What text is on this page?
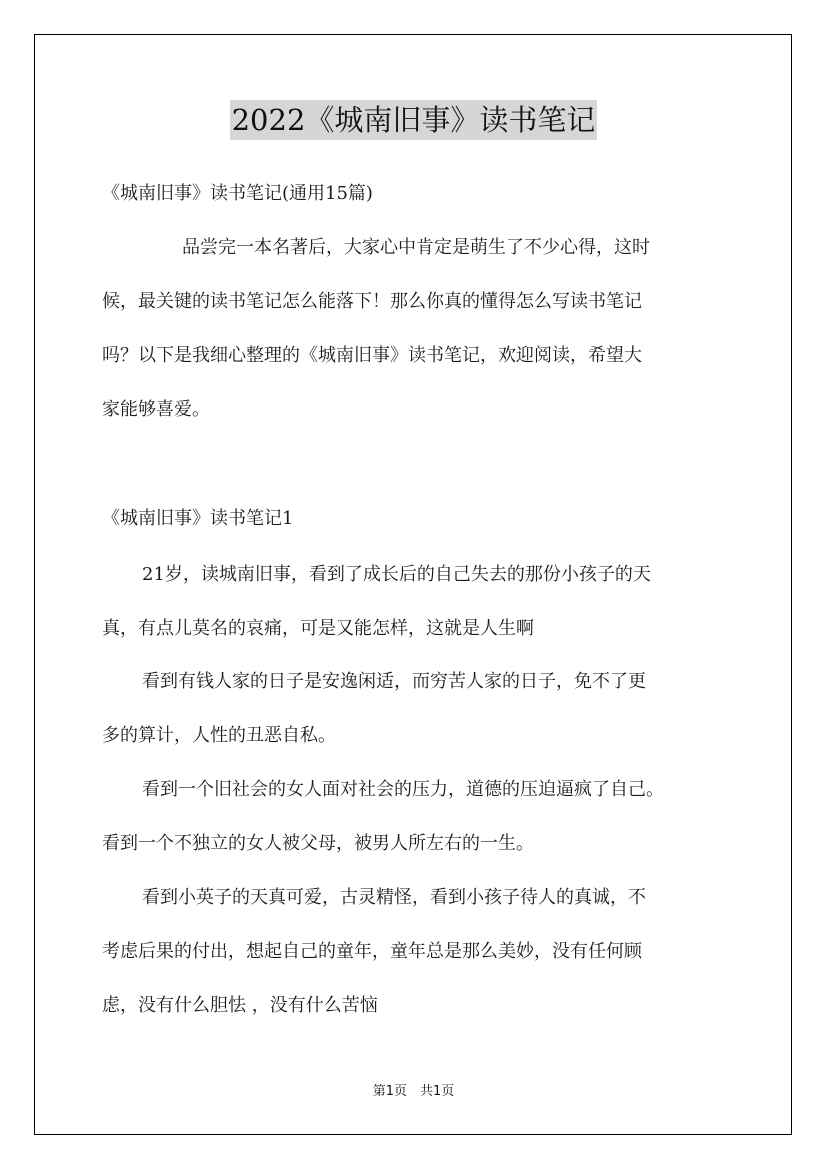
2022《城南旧事》读书笔记
《城南旧事》读书笔记(通用15篇)
品尝完一本名著后，大家心中肯定是萌生了不少心得，这时
候，最关键的读书笔记怎么能落下！那么你真的懂得怎么写读书笔记
吗？以下是我细心整理的《城南旧事》读书笔记，欢迎阅读，希望大
家能够喜爱。
《城南旧事》读书笔记1
21岁，读城南旧事，看到了成长后的自己失去的那份小孩子的天
真，有点儿莫名的哀痛，可是又能怎样，这就是人生啊
看到有钱人家的日子是安逸闲适，而穷苦人家的日子，免不了更
多的算计，人性的丑恶自私。
看到一个旧社会的女人面对社会的压力，道德的压迫逼疯了自己。
看到一个不独立的女人被父母，被男人所左右的一生。
看到小英子的天真可爱，古灵精怪，看到小孩子待人的真诚，不
考虑后果的付出，想起自己的童年，童年总是那么美妙，没有任何顾
虑，没有什么胆怯 ，没有什么苦恼
第1页　共1页
